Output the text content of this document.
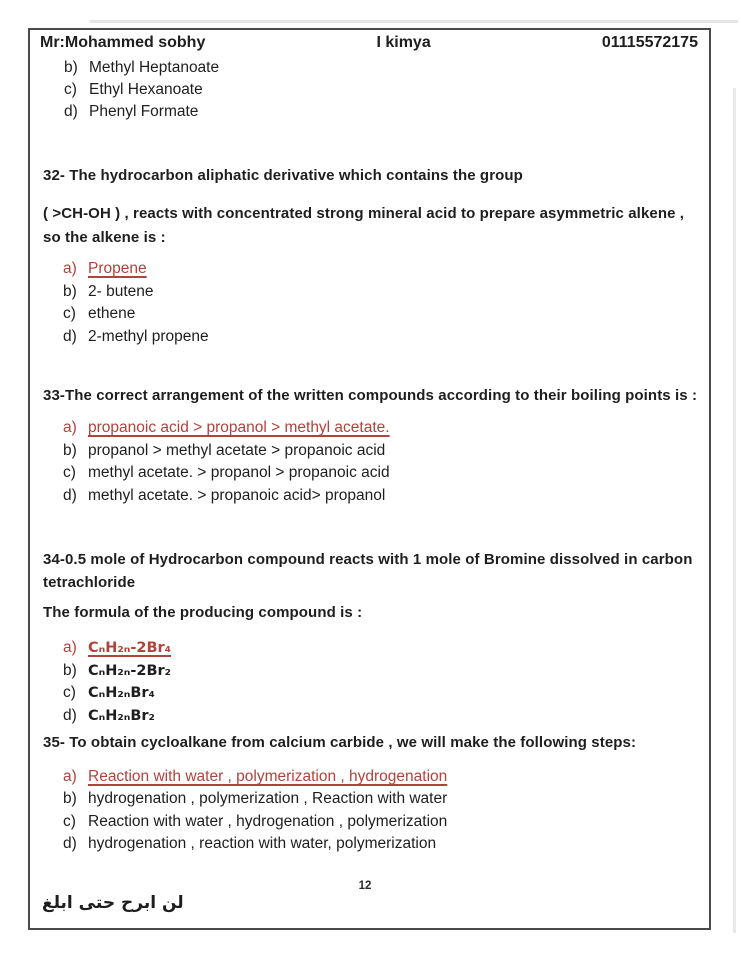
Mr:Mohammed sobhy	I kimya	01115572175
b) Methyl Heptanoate
c) Ethyl Hexanoate
d) Phenyl Formate
32- The hydrocarbon aliphatic derivative which contains the group
( >CH-OH ) , reacts with concentrated strong mineral acid to prepare asymmetric alkene ,
so the alkene is :
a) Propene
b) 2- butene
c) ethene
d) 2-methyl propene
33-The correct arrangement of the written compounds according to their boiling points is :
a) propanoic acid > propanol > methyl acetate.
b) propanol > methyl acetate > propanoic acid
c) methyl acetate. > propanol > propanoic acid
d) methyl acetate. > propanoic acid> propanol
34-0.5 mole of Hydrocarbon compound reacts with 1 mole of Bromine dissolved in carbon
tetrachloride
The formula of the producing compound is :
a) CₙH₂ₙ-2Br₄
b) CₙH₂ₙ-2Br₂
c) CₙH₂ₙBr₄
d) CₙH₂ₙBr₂
35- To obtain cycloalkane from calcium carbide , we will make the following steps:
a) Reaction with water , polymerization , hydrogenation
b) hydrogenation , polymerization , Reaction with water
c) Reaction with water , hydrogenation , polymerization
d) hydrogenation , reaction with water, polymerization
12
لن ابرح حتى ابلغ
